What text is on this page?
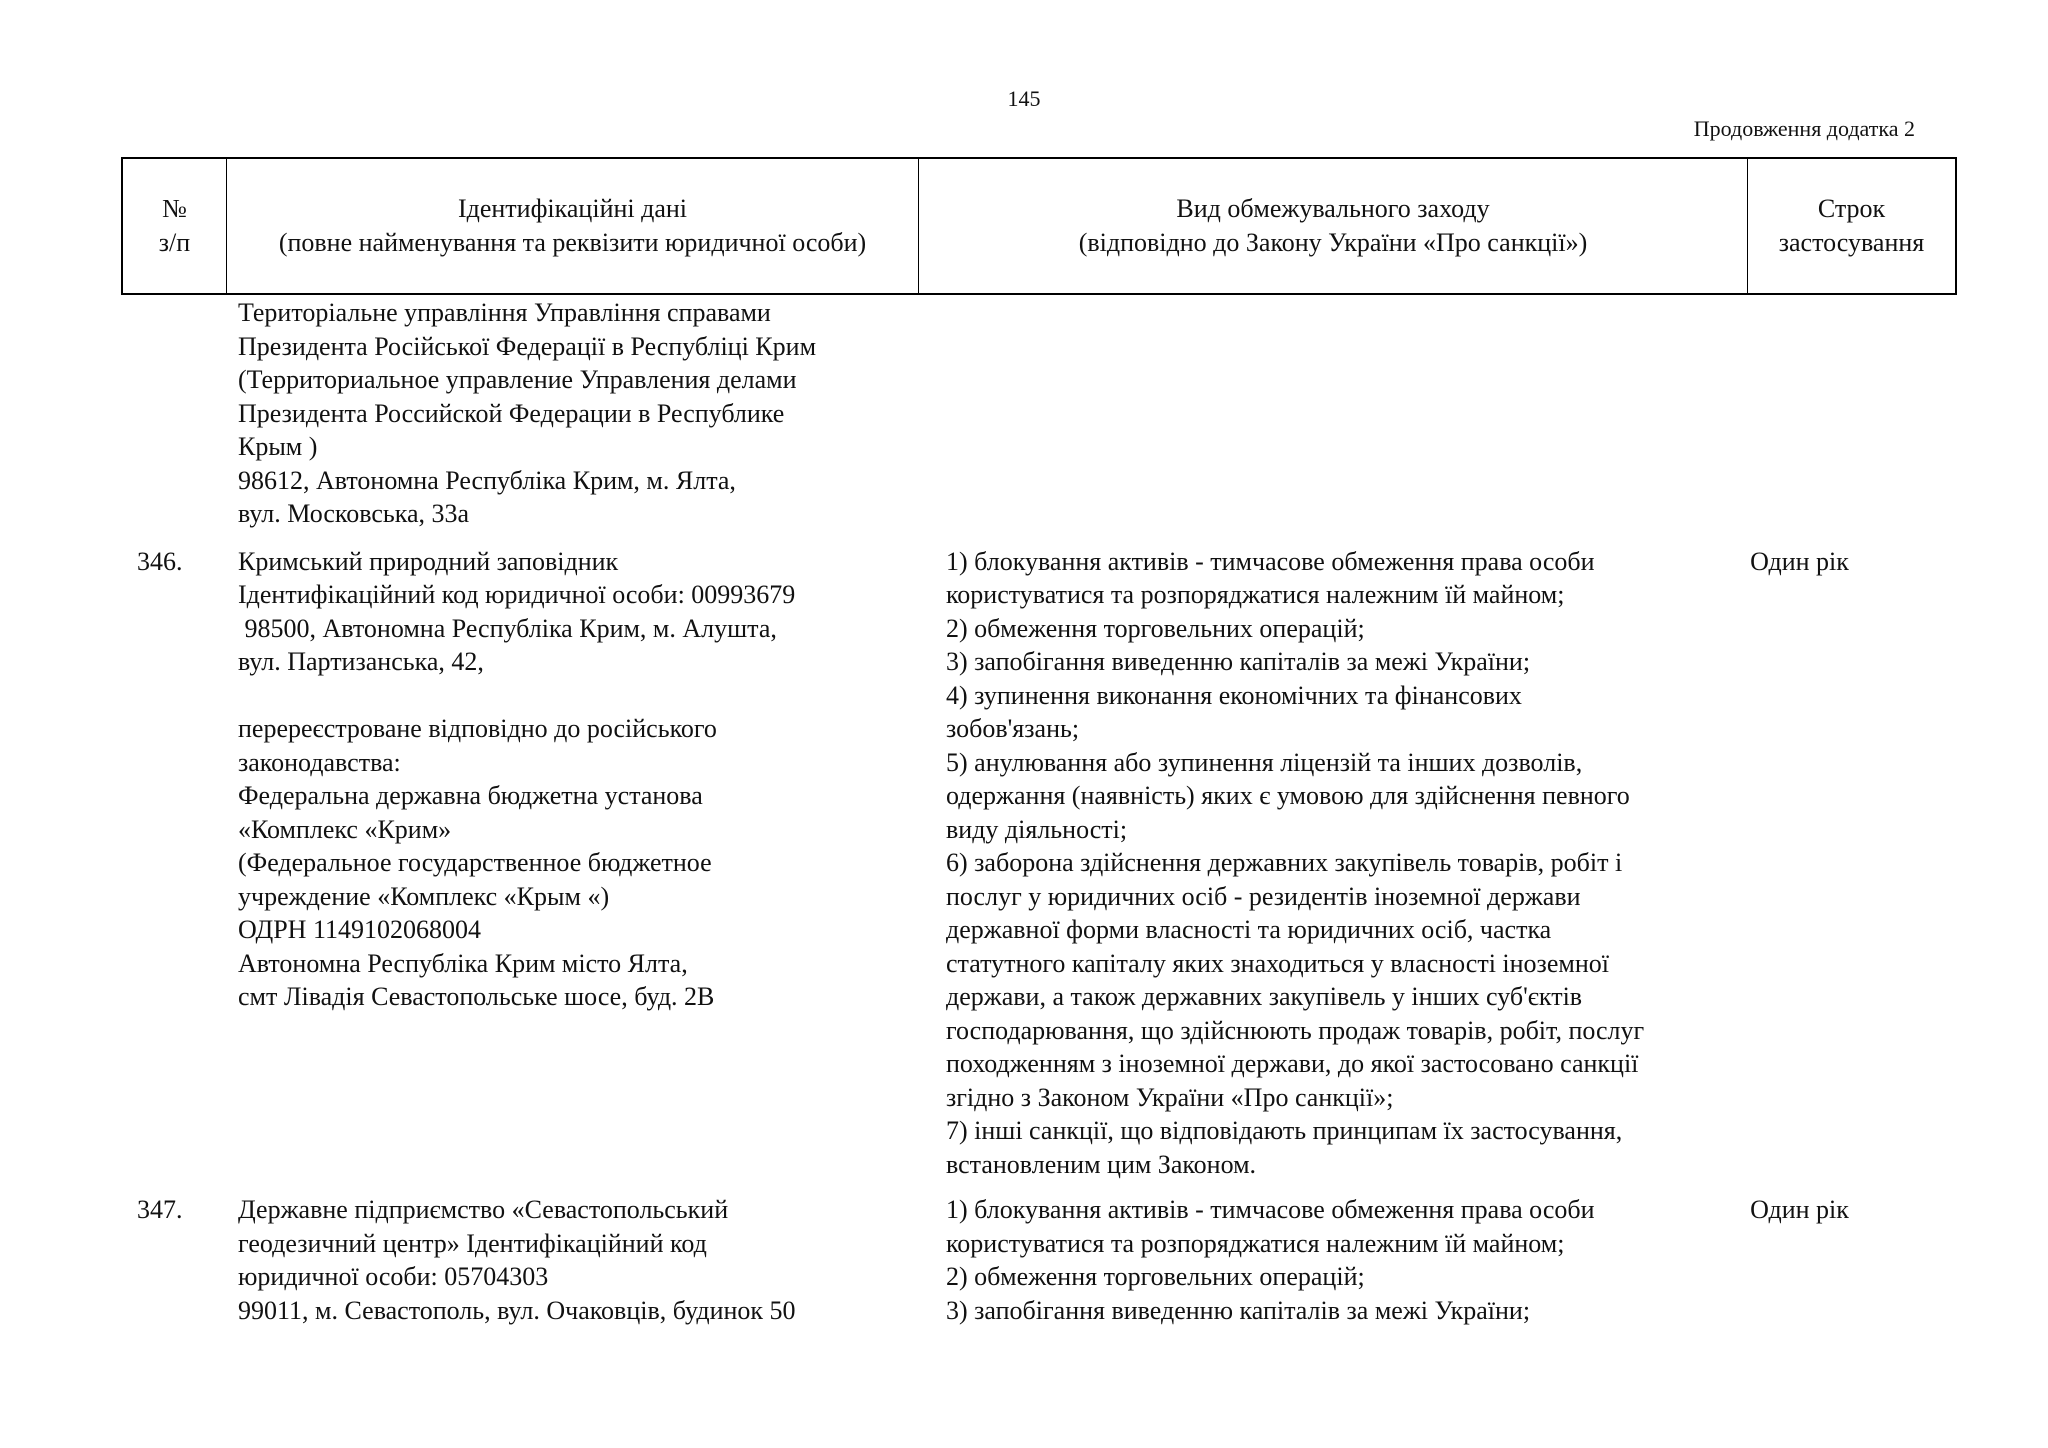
145
Продовження додатка 2
№
з/п
Ідентифікаційні дані
(повне найменування та реквізити юридичної особи)
Вид обмежувального заходу
(відповідно до Закону України «Про санкції»)
Строк
застосування
Територіальне управління Управління справами
Президента Російської Федерації в Республіці Крим
(Территориальное управление Управления делами
Президента Российской Федерации в Республике
Крым )
98612, Автономна Республіка Крим, м. Ялта,
вул. Московська, 33а
346.	Кримський природний заповідник
Ідентифікаційний код юридичної особи: 00993679
98500, Автономна Республіка Крим, м. Алушта,
вул. Партизанська, 42,
перереєстроване відповідно до російського
законодавства:
Федеральна державна бюджетна установа
«Комплекс «Крим»
(Федеральное государственное бюджетное
учреждение «Комплекс «Крым «)
ОДРН 1149102068004
Автономна Республіка Крим місто Ялта,
смт Лівадія Севастопольське шосе, буд. 2В
1) блокування активів - тимчасове обмеження права особи
користуватися та розпоряджатися належним їй майном;
2) обмеження торговельних операцій;
3) запобігання виведенню капіталів за межі України;
4) зупинення виконання економічних та фінансових
зобов'язань;
5) анулювання або зупинення ліцензій та інших дозволів,
одержання (наявність) яких є умовою для здійснення певного
виду діяльності;
6) заборона здійснення державних закупівель товарів, робіт і
послуг у юридичних осіб - резидентів іноземної держави
державної форми власності та юридичних осіб, частка
статутного капіталу яких знаходиться у власності іноземної
держави, а також державних закупівель у інших суб'єктів
господарювання, що здійснюють продаж товарів, робіт, послуг
походженням з іноземної держави, до якої застосовано санкції
згідно з Законом України «Про санкції»;
7) інші санкції, що відповідають принципам їх застосування,
встановленим цим Законом.
Один рік
347.	Державне підприємство «Севастопольський
геодезичний центр» Ідентифікаційний код
юридичної особи: 05704303
99011, м. Севастополь, вул. Очаковців, будинок 50
1) блокування активів - тимчасове обмеження права особи
користуватися та розпоряджатися належним їй майном;
2) обмеження торговельних операцій;
3) запобігання виведенню капіталів за межі України;
Один рік
